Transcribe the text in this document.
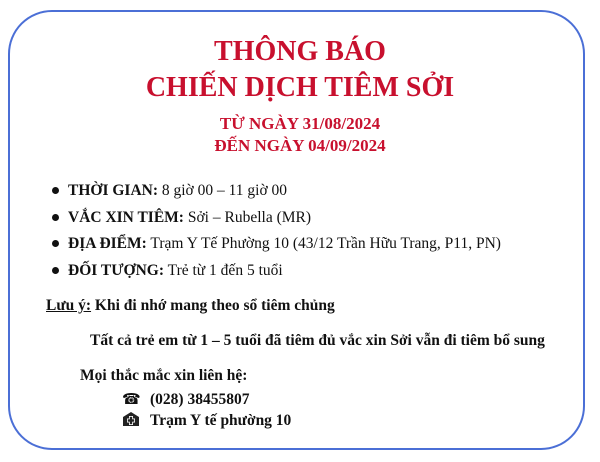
THÔNG BÁO
CHIẾN DỊCH TIÊM SỞI
TỪ NGÀY 31/08/2024
ĐẾN NGÀY 04/09/2024
THỜI GIAN: 8 giờ 00 – 11 giờ 00
VẮC XIN TIÊM: Sởi – Rubella (MR)
ĐỊA ĐIỂM: Trạm Y Tế Phường 10 (43/12 Trần Hữu Trang, P11, PN)
ĐỐI TƯỢNG: Trẻ từ 1 đến 5 tuổi
Lưu ý: Khi đi nhớ mang theo sổ tiêm chủng
Tất cả trẻ em từ 1 – 5 tuổi đã tiêm đủ vắc xin Sởi vẫn đi tiêm bổ sung
Mọi thắc mắc xin liên hệ:
☎ (028) 38455807
Trạm Y tế phường 10
